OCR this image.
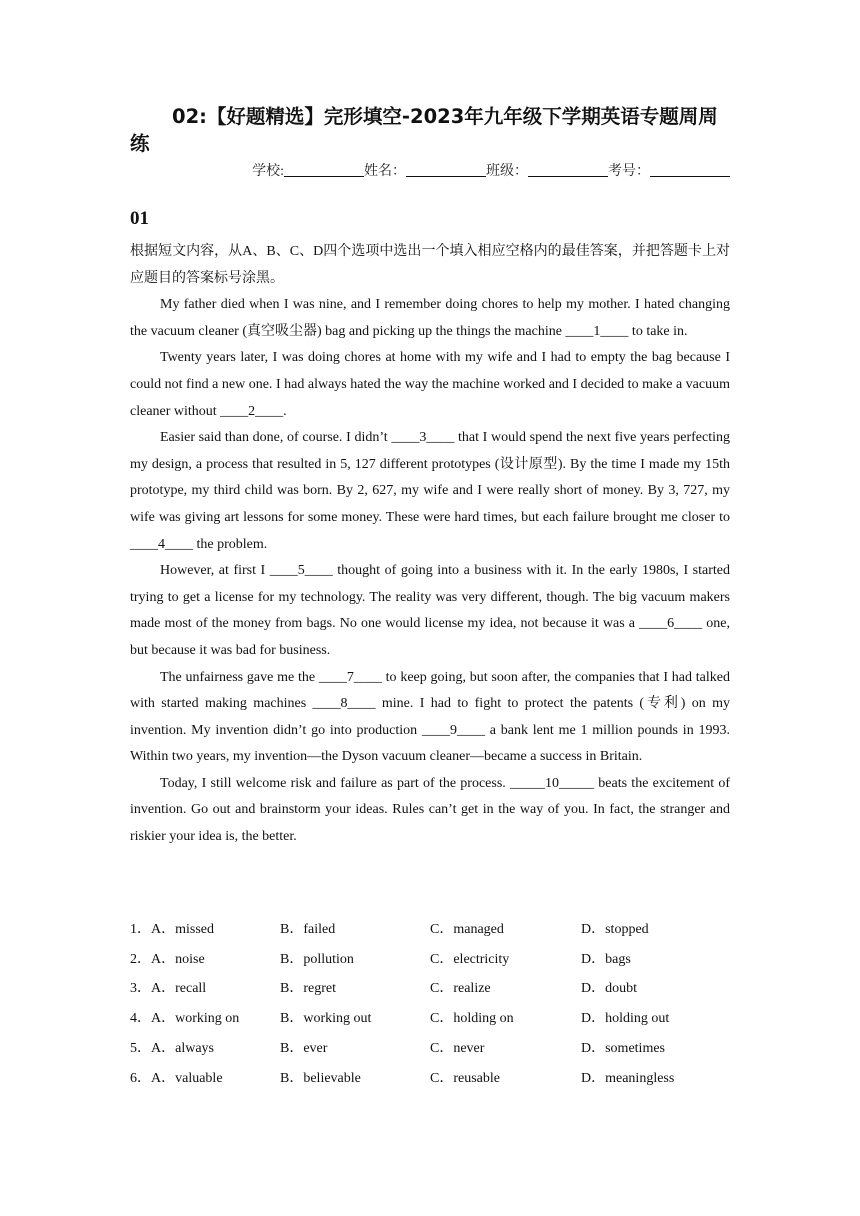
02:【好题精选】完形填空-2023年九年级下学期英语专题周周练
学校:	姓名：	班级：	考号：
01

根据短文内容，从A、B、C、D四个选项中选出一个填入相应空格内的最佳答案，并把答题卡上对应题目的答案标号涂黑。

My father died when I was nine, and I remember doing chores to help my mother. I hated changing the vacuum cleaner (真空吸尘器) bag and picking up the things the machine ____1____ to take in.

Twenty years later, I was doing chores at home with my wife and I had to empty the bag because I could not find a new one. I had always hated the way the machine worked and I decided to make a vacuum cleaner without ____2____.

Easier said than done, of course. I didn’t ____3____ that I would spend the next five years perfecting my design, a process that resulted in 5, 127 different prototypes (设计原型). By the time I made my 15th prototype, my third child was born. By 2, 627, my wife and I were really short of money. By 3, 727, my wife was giving art lessons for some money. These were hard times, but each failure brought me closer to ____4____ the problem.

However, at first I ____5____ thought of going into a business with it. In the early 1980s, I started trying to get a license for my technology. The reality was very different, though. The big vacuum makers made most of the money from bags. No one would license my idea, not because it was a ____6____ one, but because it was bad for business.

The unfairness gave me the ____7____ to keep going, but soon after, the companies that I had talked with started making machines ____8____ mine. I had to fight to protect the patents (专利) on my invention. My invention didn’t go into production ____9____ a bank lent me 1 million pounds in 1993. Within two years, my invention—the Dyson vacuum cleaner—became a success in Britain.

Today, I still welcome risk and failure as part of the process. _____10_____ beats the excitement of invention. Go out and brainstorm your ideas. Rules can’t get in the way of you. In fact, the stranger and riskier your idea is, the better.

1．A．missed	B．failed	C．managed	D．stopped
2．A．noise	B．pollution	C．electricity	D．bags
3．A．recall	B．regret	C．realize	D．doubt
4．A．working on	B．working out	C．holding on	D．holding out
5．A．always	B．ever	C．never	D．sometimes
6．A．valuable	B．believable	C．reusable	D．meaningless
